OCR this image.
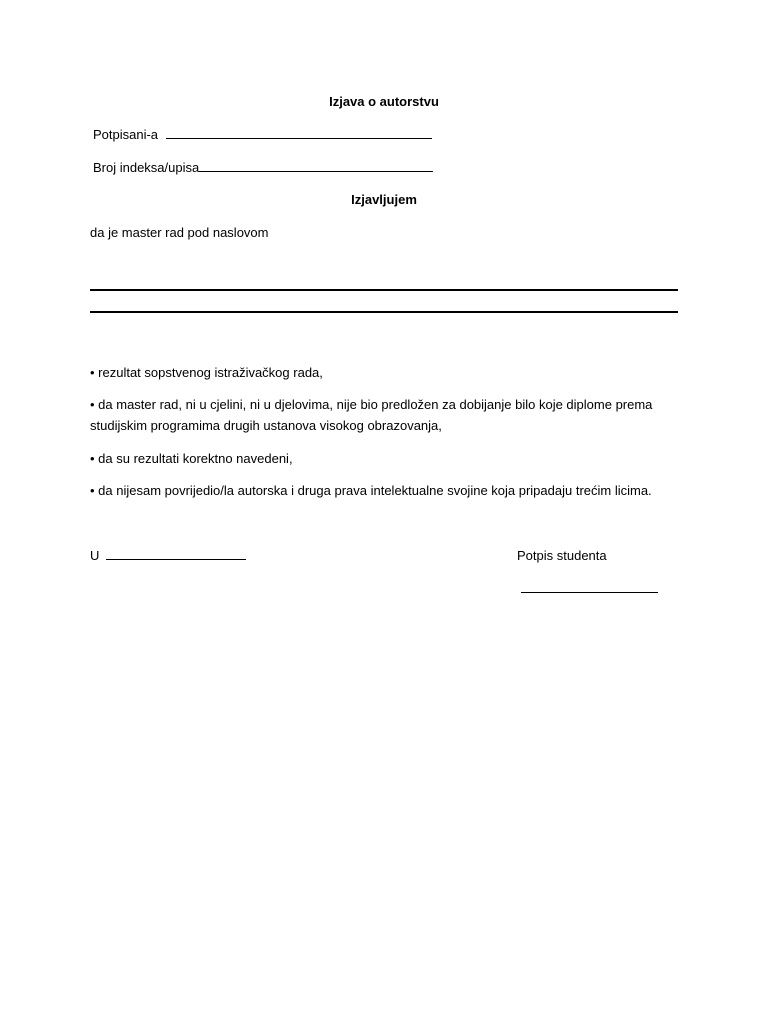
Izjava o autorstvu
Potpisani-a
Broj indeksa/upisa
Izjavljujem
da je master rad pod naslovom
• rezultat sopstvenog istraživačkog rada,
• da master rad, ni u cjelini, ni u djelovima, nije bio predložen za dobijanje bilo koje diplome prema studijskim programima drugih ustanova visokog obrazovanja,
• da su rezultati korektno navedeni,
• da nijesam povrijedio/la autorska i druga prava intelektualne svojine koja pripadaju trećim licima.
U	Potpis studenta
